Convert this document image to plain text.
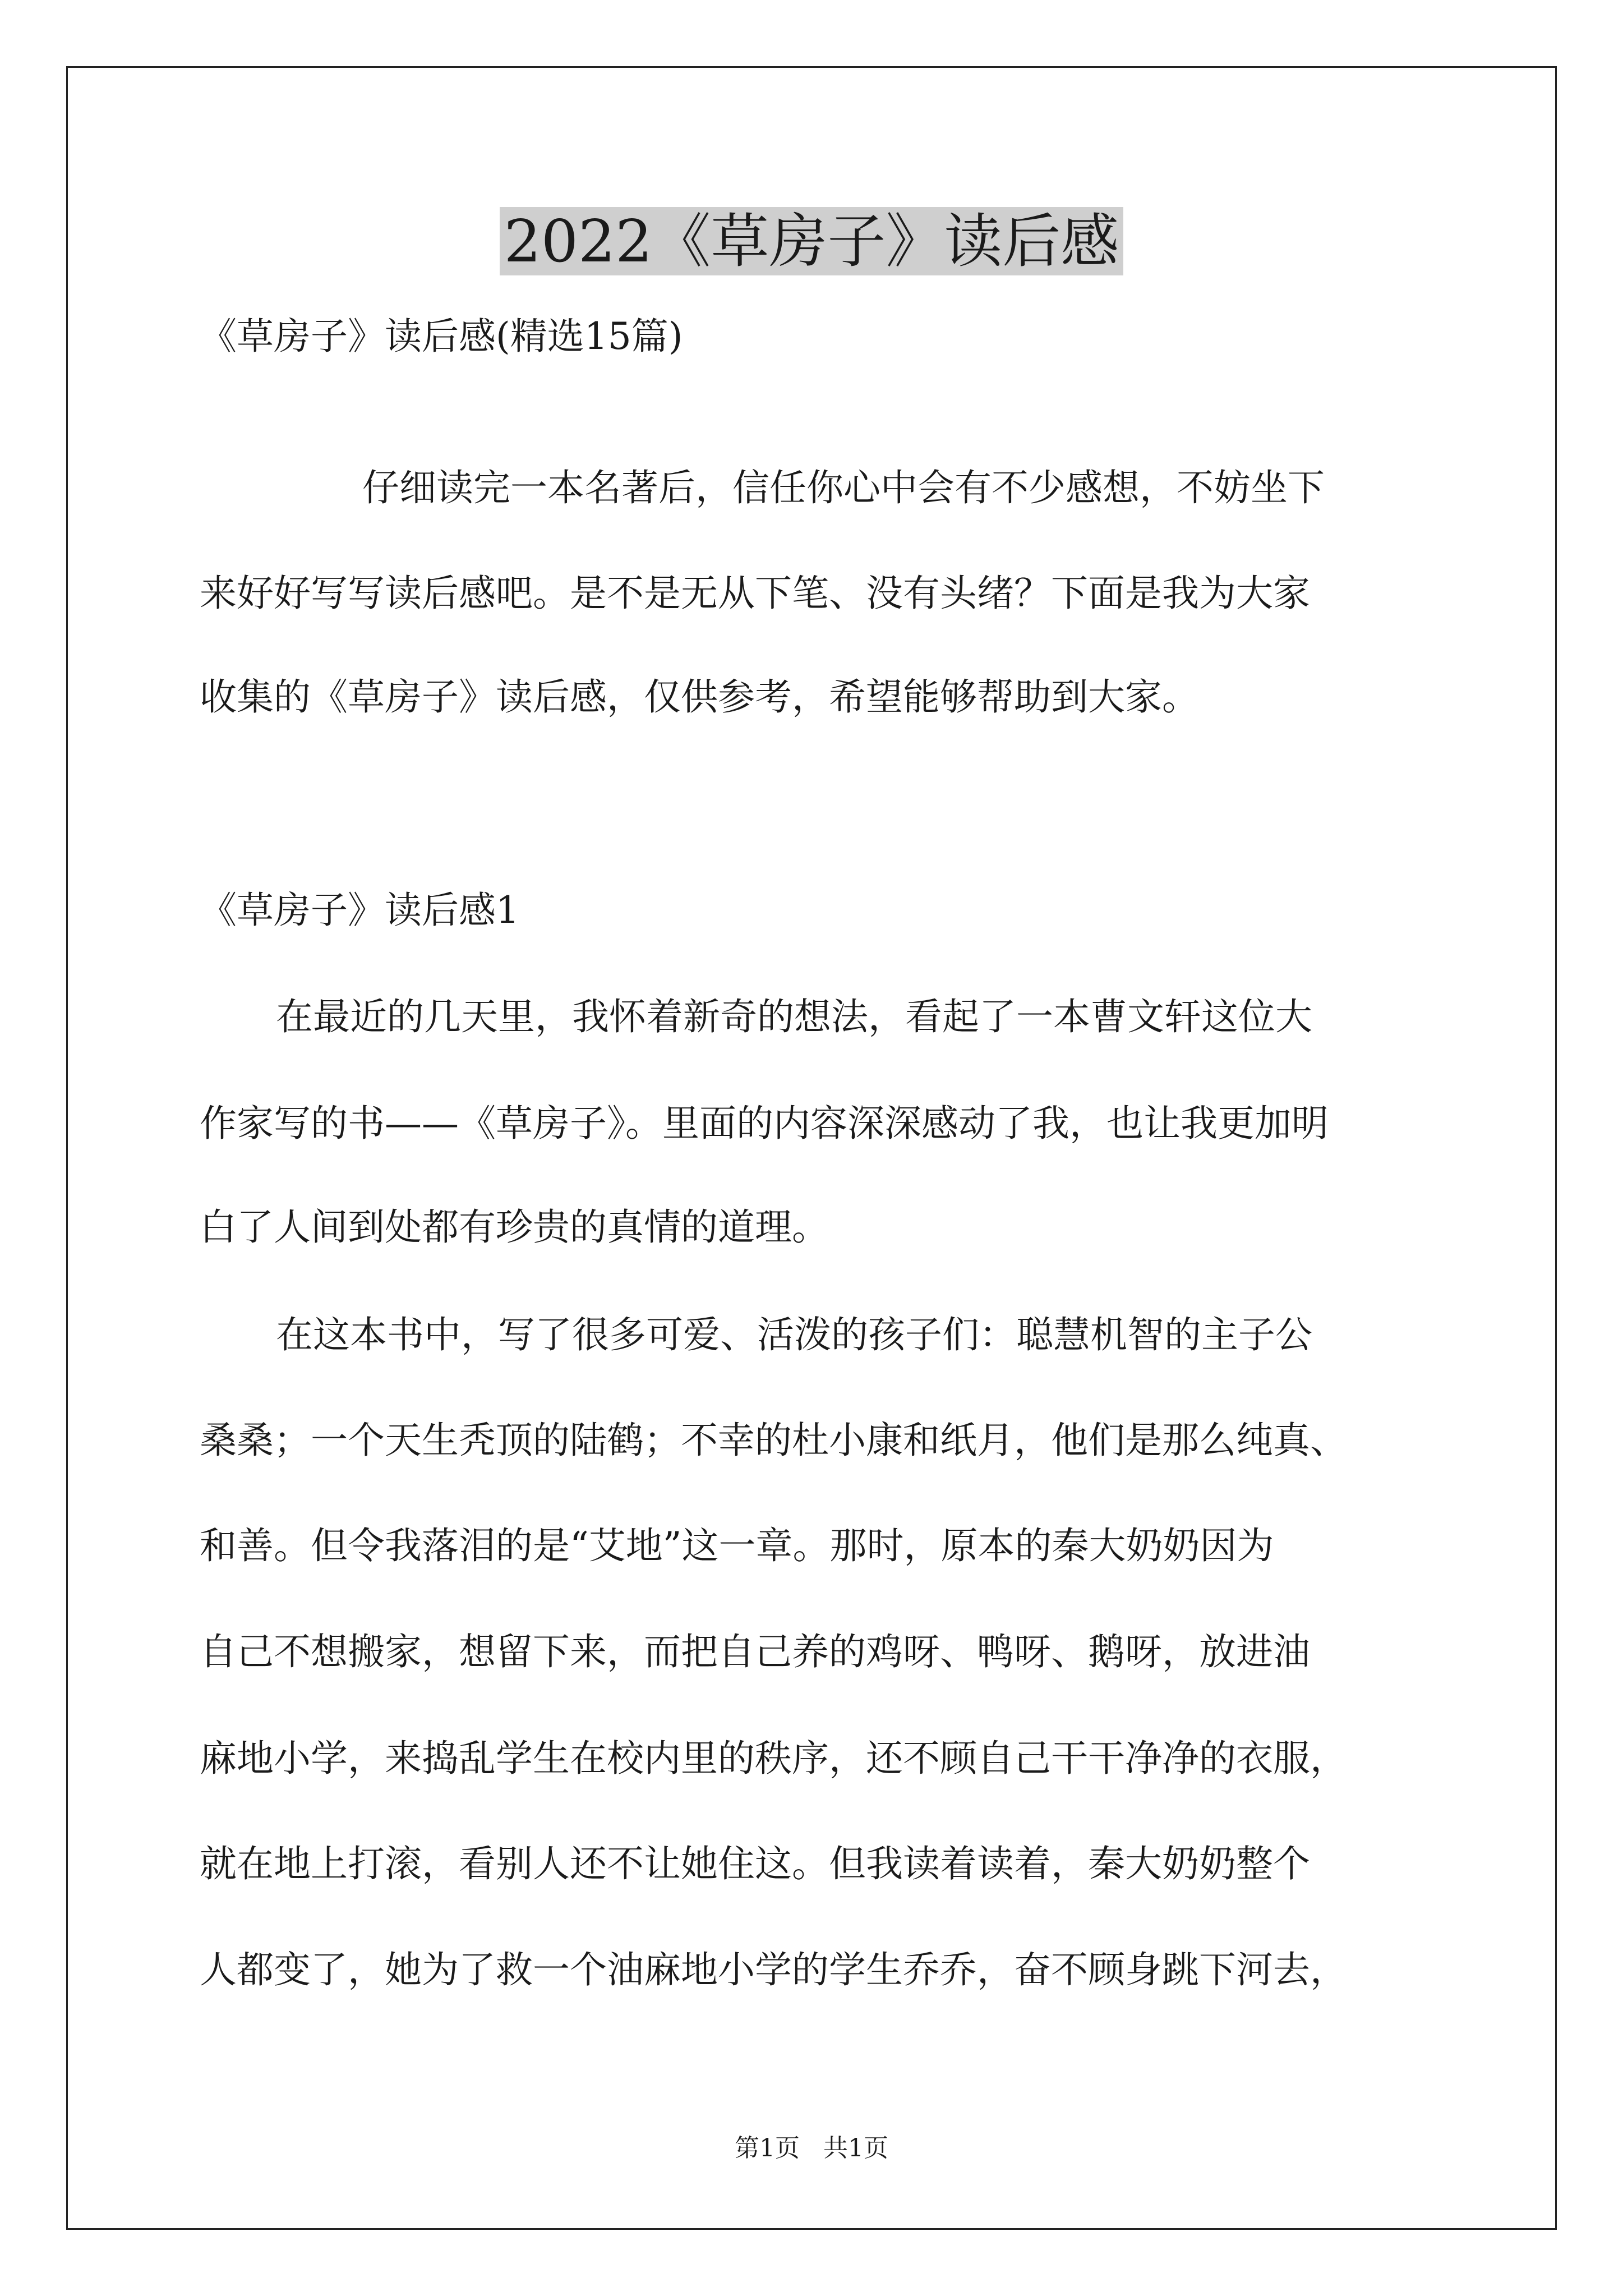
2022《草房子》读后感

《草房子》读后感(精选15篇)

仔细读完一本名著后，信任你心中会有不少感想，不妨坐下

来好好写写读后感吧。是不是无从下笔、没有头绪？下面是我为大家

收集的《草房子》读后感，仅供参考，希望能够帮助到大家。

《草房子》读后感1

在最近的几天里，我怀着新奇的想法，看起了一本曹文轩这位大

作家写的书——《草房子》。里面的内容深深感动了我，也让我更加明

白了人间到处都有珍贵的真情的道理。

在这本书中，写了很多可爱、活泼的孩子们：聪慧机智的主子公

桑桑；一个天生秃顶的陆鹤；不幸的杜小康和纸月，他们是那么纯真、

和善。但令我落泪的是“艾地”这一章。那时，原本的秦大奶奶因为

自己不想搬家，想留下来，而把自己养的鸡呀、鸭呀、鹅呀，放进油

麻地小学，来捣乱学生在校内里的秩序，还不顾自己干干净净的衣服，

就在地上打滚，看别人还不让她住这。但我读着读着，秦大奶奶整个

人都变了，她为了救一个油麻地小学的学生乔乔，奋不顾身跳下河去，

第1页   共1页
